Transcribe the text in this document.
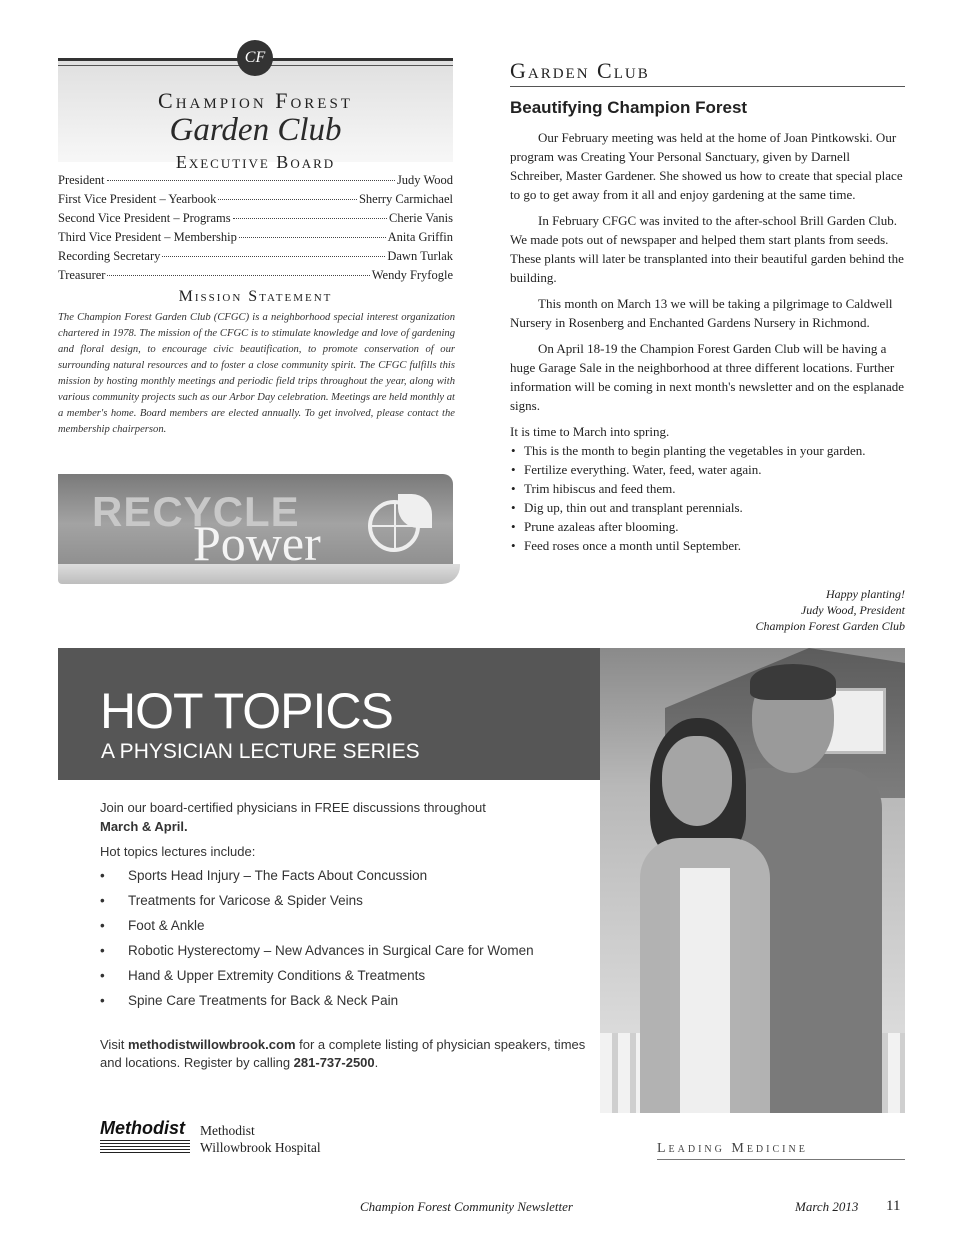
CF
Champion Forest
Garden Club
Executive Board
President	Judy Wood
First Vice President – Yearbook	Sherry Carmichael
Second Vice President – Programs	Cherie Vanis
Third Vice President – Membership	Anita Griffin
Recording Secretary	Dawn Turlak
Treasurer	Wendy Fryfogle
Mission Statement
The Champion Forest Garden Club (CFGC) is a neighborhood special interest organization chartered in 1978. The mission of the CFGC is to stimulate knowledge and love of gardening and floral design, to encourage civic beautification, to promote conservation of our surrounding natural resources and to foster a close community spirit. The CFGC fulfills this mission by hosting monthly meetings and periodic field trips throughout the year, along with various community projects such as our Arbor Day celebration. Meetings are held monthly at a member's home. Board members are elected annually. To get involved, please contact the membership chairperson.
RECYCLE
Power
Garden Club
Beautifying Champion Forest

Our February meeting was held at the home of Joan Pintkowski. Our program was Creating Your Personal Sanctuary, given by Darnell Schreiber, Master Gardener. She showed us how to create that special place to go to get away from it all and enjoy gardening at the same time.

In February CFGC was invited to the after-school Brill Garden Club. We made pots out of newspaper and helped them start plants from seeds. These plants will later be transplanted into their beautiful garden behind the building.

This month on March 13 we will be taking a pilgrimage to Caldwell Nursery in Rosenberg and Enchanted Gardens Nursery in Richmond.

On April 18-19 the Champion Forest Garden Club will be having a huge Garage Sale in the neighborhood at three different locations. Further information will be coming in next month's newsletter and on the esplanade signs.

It is time to March into spring.
• This is the month to begin planting the vegetables in your garden.
• Fertilize everything. Water, feed, water again.
• Trim hibiscus and feed them.
• Dig up, thin out and transplant perennials.
• Prune azaleas after blooming.
• Feed roses once a month until September.
Happy planting!
Judy Wood, President
Champion Forest Garden Club
HOT TOPICS
A PHYSICIAN LECTURE SERIES
Join our board-certified physicians in FREE discussions throughout
March & April.
Hot topics lectures include:
•	Sports Head Injury – The Facts About Concussion
•	Treatments for Varicose & Spider Veins
•	Foot & Ankle
•	Robotic Hysterectomy – New Advances in Surgical Care for Women
•	Hand & Upper Extremity Conditions & Treatments
•	Spine Care Treatments for Back & Neck Pain
Visit methodistwillowbrook.com for a complete listing of physician speakers, times and locations. Register by calling 281-737-2500.
Methodist Methodist
Willowbrook Hospital	Leading Medicine
Champion Forest Community Newsletter	March 2013 11
